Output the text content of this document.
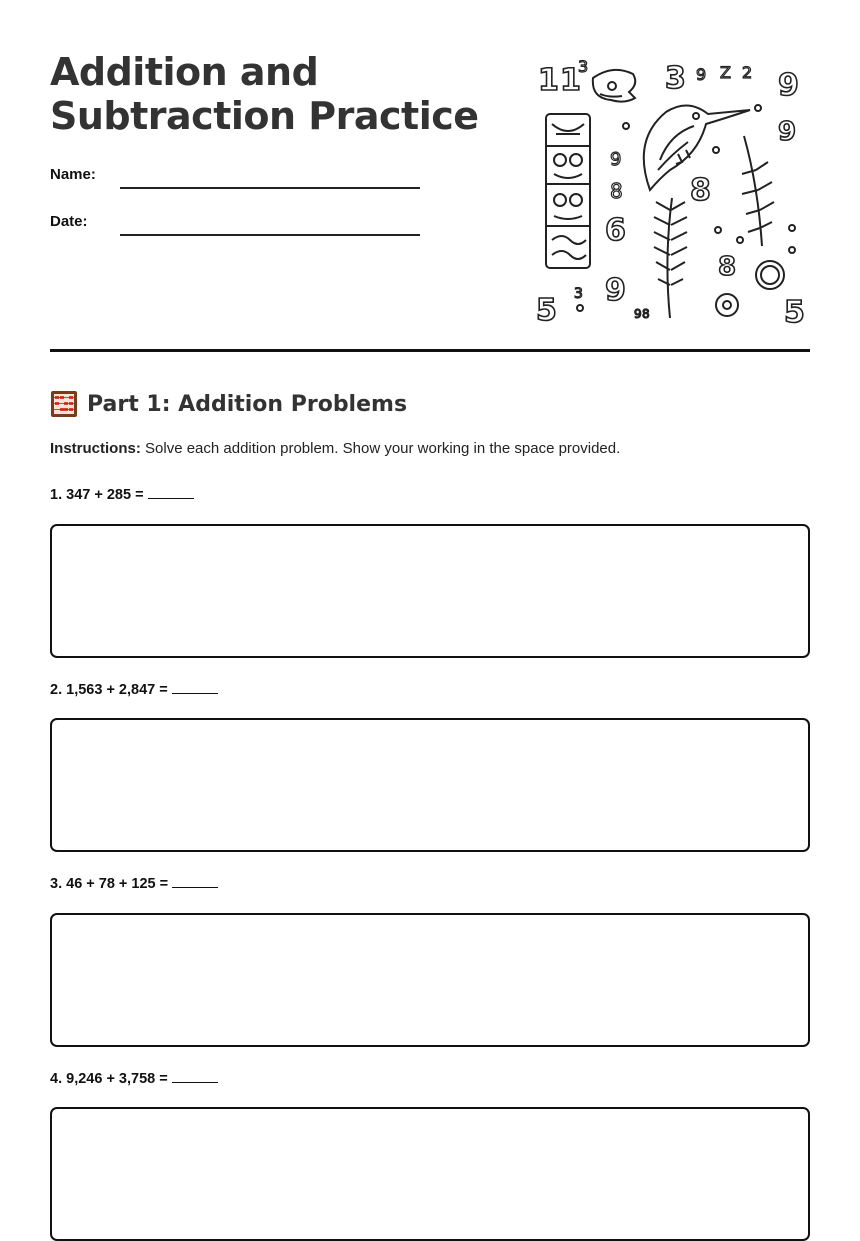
Addition and
Subtraction Practice
Name:
Date:
1 1	3	9
9
8
6
9
5	5
8
3	9 Z 2
9
8
3
9 8
Part 1: Addition Problems
Instructions: Solve each addition problem. Show your working in the space provided.
1. 347 + 285 =
2. 1,563 + 2,847 =
3. 46 + 78 + 125 =
4. 9,246 + 3,758 =
